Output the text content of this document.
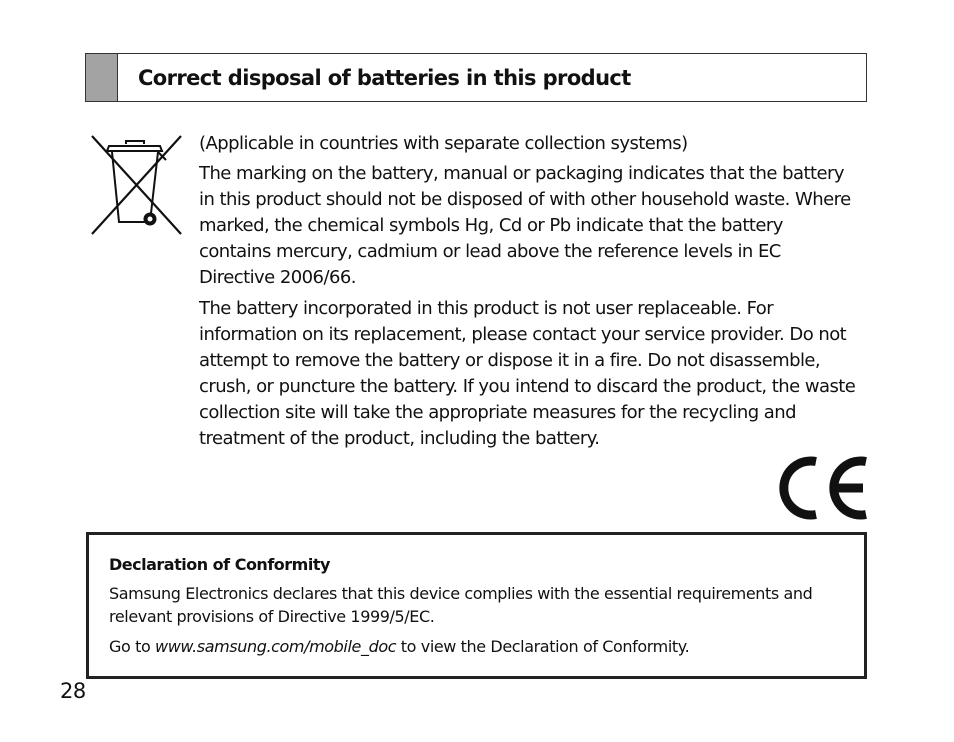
Correct disposal of batteries in this product

(Applicable in countries with separate collection systems)

The marking on the battery, manual or packaging indicates that the battery in this product should not be disposed of with other household waste. Where marked, the chemical symbols Hg, Cd or Pb indicate that the battery contains mercury, cadmium or lead above the reference levels in EC Directive 2006/66.

The battery incorporated in this product is not user replaceable. For information on its replacement, please contact your service provider. Do not attempt to remove the battery or dispose it in a fire. Do not disassemble, crush, or puncture the battery. If you intend to discard the product, the waste collection site will take the appropriate measures for the recycling and treatment of the product, including the battery.

Declaration of Conformity

Samsung Electronics declares that this device complies with the essential requirements and relevant provisions of Directive 1999/5/EC.

Go to www.samsung.com/mobile_doc to view the Declaration of Conformity.

28
